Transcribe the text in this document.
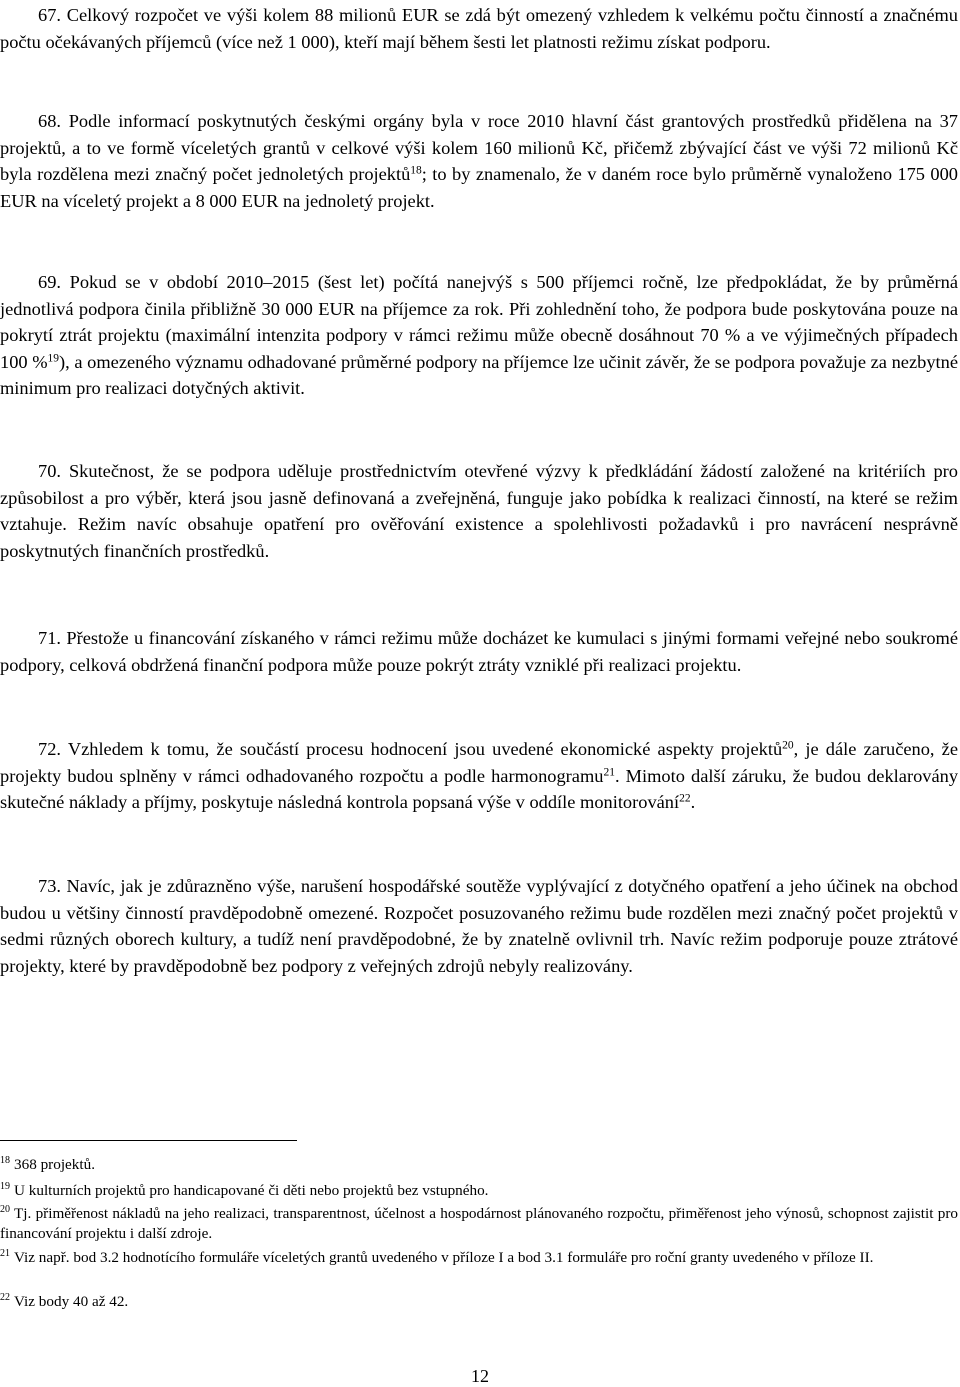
67. Celkový rozpočet ve výši kolem 88 milionů EUR se zdá být omezený vzhledem k velkému počtu činností a značnému počtu očekávaných příjemců (více než 1 000), kteří mají během šesti let platnosti režimu získat podporu.
68. Podle informací poskytnutých českými orgány byla v roce 2010 hlavní část grantových prostředků přidělena na 37 projektů, a to ve formě víceletých grantů v celkové výši kolem 160 milionů Kč, přičemž zbývající část ve výši 72 milionů Kč byla rozdělena mezi značný počet jednoletých projektů$^{18}$; to by znamenalo, že v daném roce bylo průměrně vynaloženo 175 000 EUR na víceletý projekt a 8 000 EUR na jednoletý projekt.
69. Pokud se v období 2010–2015 (šest let) počítá nanejvýš s 500 příjemci ročně, lze předpokládat, že by průměrná jednotlivá podpora činila přibližně 30 000 EUR na příjemce za rok. Při zohlednění toho, že podpora bude poskytována pouze na pokrytí ztrát projektu (maximální intenzita podpory v rámci režimu může obecně dosáhnout 70 % a ve výjimečných případech 100 %$^{19}$), a omezeného významu odhadované průměrné podpory na příjemce lze učinit závěr, že se podpora považuje za nezbytné minimum pro realizaci dotyčných aktivit.
70. Skutečnost, že se podpora uděluje prostřednictvím otevřené výzvy k předkládání žádostí založené na kritériích pro způsobilost a pro výběr, která jsou jasně definovaná a zveřejněná, funguje jako pobídka k realizaci činností, na které se režim vztahuje. Režim navíc obsahuje opatření pro ověřování existence a spolehlivosti požadavků i pro navrácení nesprávně poskytnutých finančních prostředků.
71. Přestože u financování získaného v rámci režimu může docházet ke kumulaci s jinými formami veřejné nebo soukromé podpory, celková obdržená finanční podpora může pouze pokrýt ztráty vzniklé při realizaci projektu.
72. Vzhledem k tomu, že součástí procesu hodnocení jsou uvedené ekonomické aspekty projektů$^{20}$, je dále zaručeno, že projekty budou splněny v rámci odhadovaného rozpočtu a podle harmonogramu$^{21}$. Mimoto další záruku, že budou deklarovány skutečné náklady a příjmy, poskytuje následná kontrola popsaná výše v oddíle monitorování$^{22}$.
73. Navíc, jak je zdůrazněno výše, narušení hospodářské soutěže vyplývající z dotyčného opatření a jeho účinek na obchod budou u většiny činností pravděpodobně omezené. Rozpočet posuzovaného režimu bude rozdělen mezi značný počet projektů v sedmi různých oborech kultury, a tudíž není pravděpodobné, že by znatelně ovlivnil trh. Navíc režim podporuje pouze ztrátové projekty, které by pravděpodobně bez podpory z veřejných zdrojů nebyly realizovány.
$^{18}$ 368 projektů.
$^{19}$ U kulturních projektů pro handicapované či děti nebo projektů bez vstupného.
$^{20}$ Tj. přiměřenost nákladů na jeho realizaci, transparentnost, účelnost a hospodárnost plánovaného rozpočtu, přiměřenost jeho výnosů, schopnost zajistit pro financování projektu i další zdroje.
$^{21}$ Viz např. bod 3.2 hodnotícího formuláře víceletých grantů uvedeného v příloze I a bod 3.1 formuláře pro roční granty uvedeného v příloze II.
$^{22}$ Viz body 40 až 42.
12
